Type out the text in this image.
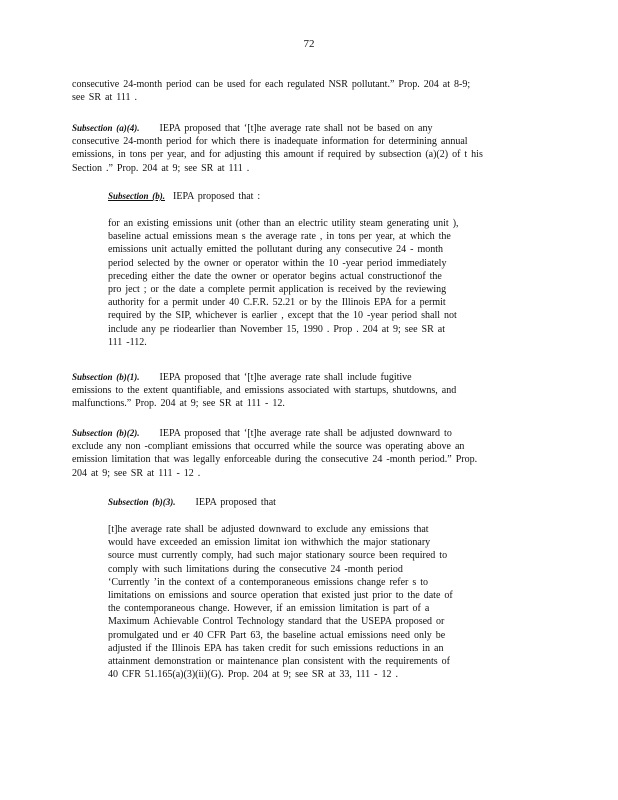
72
consecutive 24-month period can be used for each regulated NSR pollutant.” Prop. 204 at 8-9;
see SR at 111 .
Subsection (a)(4). IEPA proposed that ‘[t]he average rate shall not be based on any
consecutive 24-month period for which there is inadequate information for determining annual
emissions, in tons per year, and for adjusting this amount if required by subsection (a)(2) of t his
Section .” Prop. 204 at 9; see SR at 111 .
Subsection (b). IEPA proposed that :
for an existing emissions unit (other than an electric utility steam generating unit ),
baseline actual emissions mean s the average rate , in tons per year, at which the
emissions unit actually emitted the pollutant during any consecutive 24 - month
period selected by the owner or operator within the 10 -year period immediately
preceding either the date the owner or operator begins actual constructionof the
pro ject ; or the date a complete permit application is received by the reviewing
authority for a permit under 40 C.F.R. 52.21 or by the Illinois EPA for a permit
required by the SIP, whichever is earlier , except that the 10 -year period shall not
include any pe riodearlier than November 15, 1990 . Prop . 204 at 9; see SR at
111 -112.
Subsection (b)(1). IEPA proposed that ‘[t]he average rate shall include fugitive
emissions to the extent quantifiable, and emissions associated with startups, shutdowns, and
malfunctions.” Prop. 204 at 9; see SR at 111 - 12.
Subsection (b)(2). IEPA proposed that ‘[t]he average rate shall be adjusted downward to
exclude any non -compliant emissions that occurred while the source was operating above an
emission limitation that was legally enforceable during the consecutive 24 -month period.” Prop.
204 at 9; see SR at 111 - 12 .
Subsection (b)(3). IEPA proposed that
[t]he average rate shall be adjusted downward to exclude any emissions that
would have exceeded an emission limitat ion withwhich the major stationary
source must currently comply, had such major stationary source been required to
comply with such limitations during the consecutive 24 -month period
‘Currently ’in the context of a contemporaneous emissions change refer s to
limitations on emissions and source operation that existed just prior to the date of
the contemporaneous change. However, if an emission limitation is part of a
Maximum Achievable Control Technology standard that the USEPA proposed or
promulgated und er 40 CFR Part 63, the baseline actual emissions need only be
adjusted if the Illinois EPA has taken credit for such emissions reductions in an
attainment demonstration or maintenance plan consistent with the requirements of
40 CFR 51.165(a)(3)(ii)(G). Prop. 204 at 9; see SR at 33, 111 - 12 .
